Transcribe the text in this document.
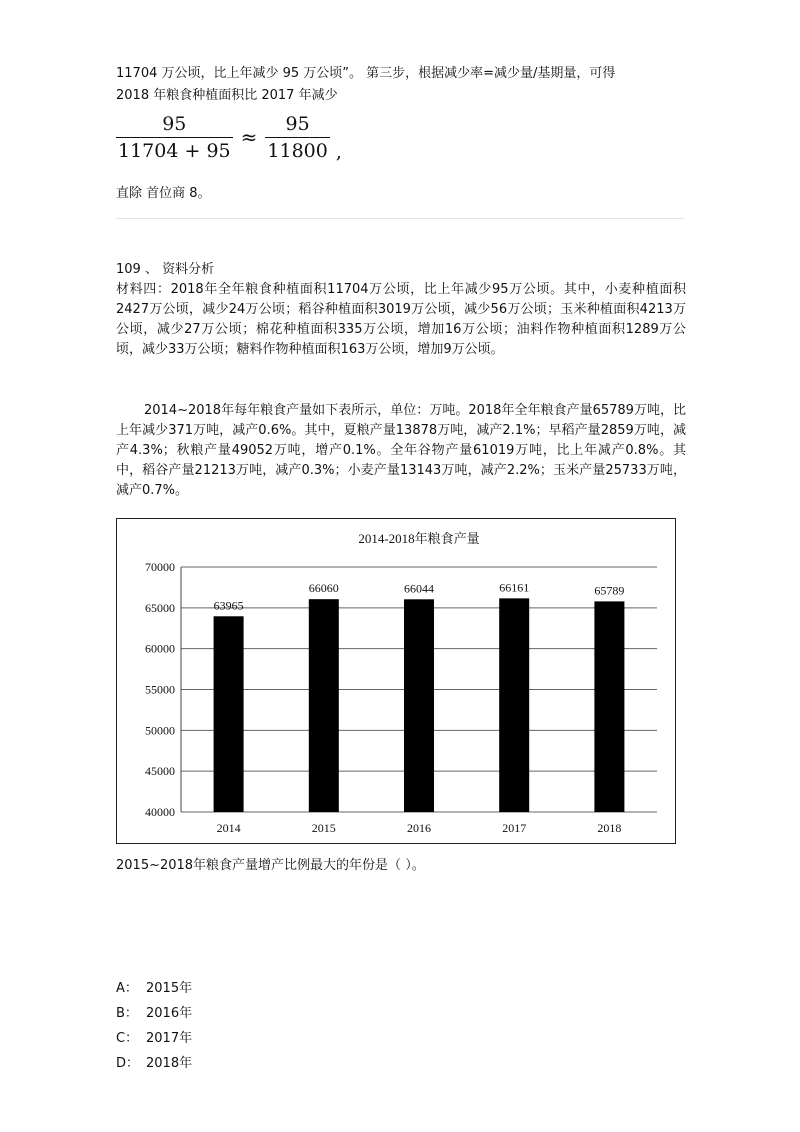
11704 万公顷，比上年减少 95 万公顷”。 第三步，根据减少率=减少量/基期量，可得
2018 年粮食种植面积比 2017 年减少
$\frac{95}{11704 + 95} \approx \frac{95}{11800}$ ,
直除 首位商 8。
109 、 资料分析
材料四：2018年全年粮食种植面积11704万公顷，比上年减少95万公顷。其中，小麦种植面积2427万公顷，减少24万公顷；稻谷种植面积3019万公顷，减少56万公顷；玉米种植面积4213万公顷，减少27万公顷；棉花种植面积335万公顷，增加16万公顷；油料作物种植面积1289万公顷，减少33万公顷；糖料作物种植面积163万公顷，增加9万公顷。
2014~2018年每年粮食产量如下表所示，单位：万吨。2018年全年粮食产量65789万吨，比上年减少371万吨，减产0.6%。其中，夏粮产量13878万吨，减产2.1%；早稻产量2859万吨，减产4.3%；秋粮产量49052万吨，增产0.1%。全年谷物产量61019万吨，比上年减产0.8%。其中，稻谷产量21213万吨，减产0.3%；小麦产量13143万吨，减产2.2%；玉米产量25733万吨，减产0.7%。
2014-2018年粮食产量
40000
45000
50000
55000
60000
65000
70000
63965
2014
66060
2015
66044
2016
66161
2017
65789
2018
2015~2018年粮食产量增产比例最大的年份是（ ）。
A： 2015年
B： 2016年
C： 2017年
D： 2018年
